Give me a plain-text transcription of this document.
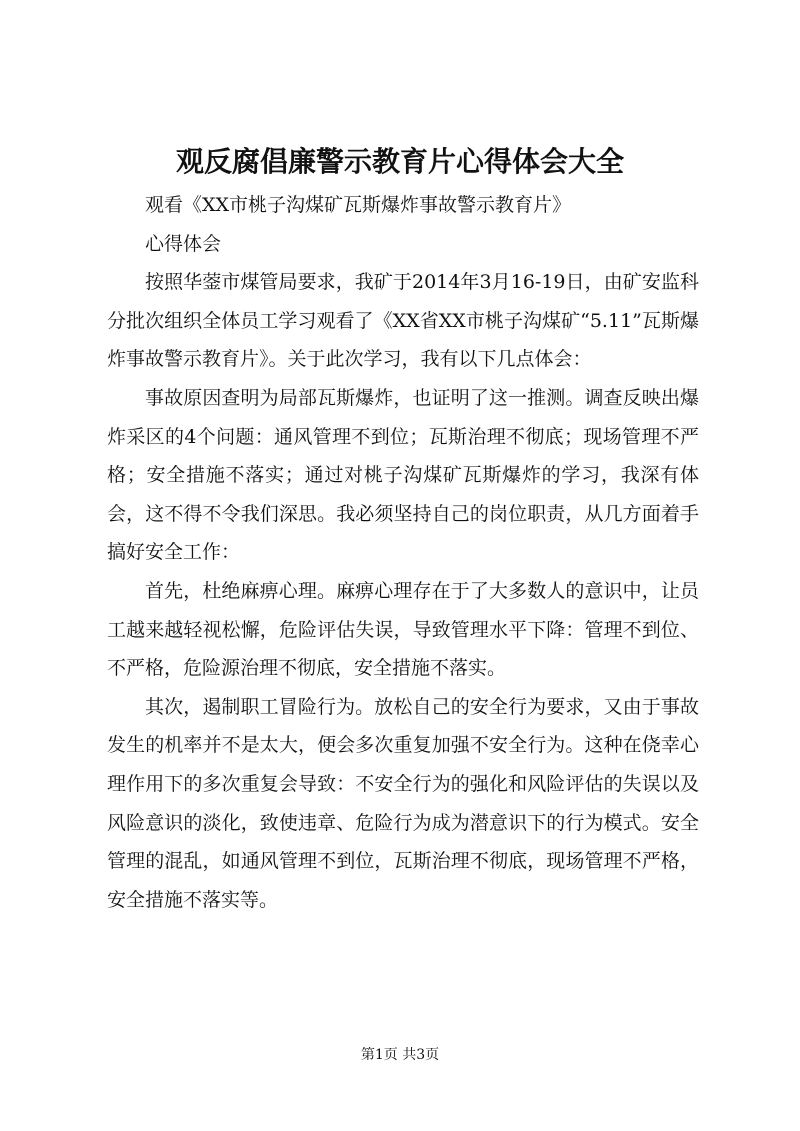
观反腐倡廉警示教育片心得体会大全

观看《XX市桃子沟煤矿瓦斯爆炸事故警示教育片》

心得体会

按照华蓥市煤管局要求，我矿于2014年3月16-19日，由矿安监科分批次组织全体员工学习观看了《XX省XX市桃子沟煤矿“5.11”瓦斯爆炸事故警示教育片》。关于此次学习，我有以下几点体会：

事故原因查明为局部瓦斯爆炸，也证明了这一推测。调查反映出爆炸采区的4个问题：通风管理不到位；瓦斯治理不彻底；现场管理不严格；安全措施不落实；通过对桃子沟煤矿瓦斯爆炸的学习，我深有体会，这不得不令我们深思。我必须坚持自己的岗位职责，从几方面着手搞好安全工作：

首先，杜绝麻痹心理。麻痹心理存在于了大多数人的意识中，让员工越来越轻视松懈，危险评估失误，导致管理水平下降：管理不到位、不严格，危险源治理不彻底，安全措施不落实。

其次，遏制职工冒险行为。放松自己的安全行为要求，又由于事故发生的机率并不是太大，便会多次重复加强不安全行为。这种在侥幸心理作用下的多次重复会导致：不安全行为的强化和风险评估的失误以及风险意识的淡化，致使违章、危险行为成为潜意识下的行为模式。安全管理的混乱，如通风管理不到位，瓦斯治理不彻底，现场管理不严格，安全措施不落实等。

第1页 共3页
